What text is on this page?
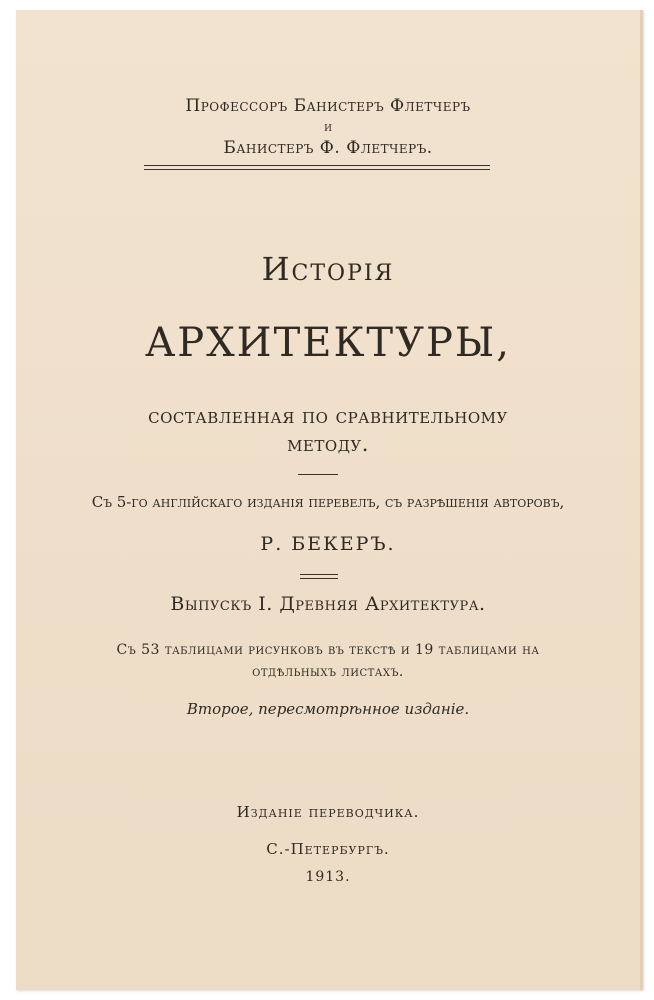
Профессоръ Банистеръ Флетчеръ
и
Банистеръ Ф. Флетчеръ.
Исторія
АРХИТЕКТУРЫ,
составленная по сравнительному
методу.
Съ 5-го англійскаго изданія перевелъ, съ разрѣшенія авторовъ,
Р. БЕКЕРЪ.
Выпускъ I. Древняя Архитектура.
Съ 53 таблицами рисунковъ въ текстѣ и 19 таблицами на
отдѣльныхъ листахъ.
Второе, пересмотрѣнное изданіе.
Изданіе переводчика.
С.-Петербургъ.
1913.
